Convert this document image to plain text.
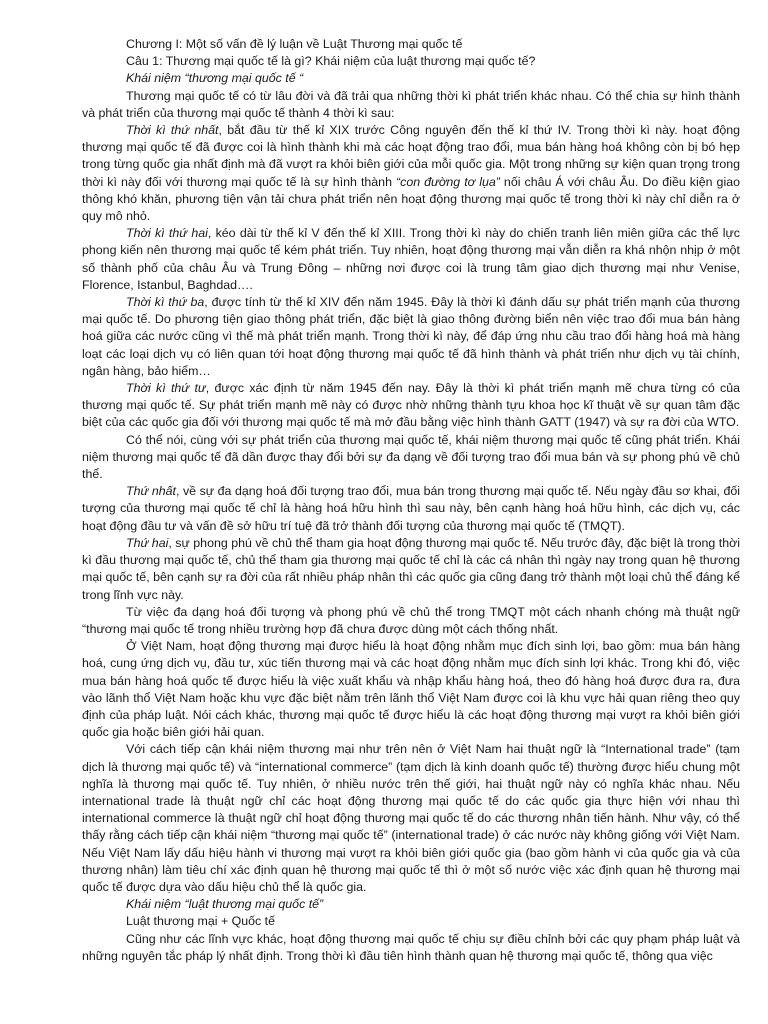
Chương I: Một số vấn đề lý luận về Luật Thương mại quốc tế
Câu 1: Thương mại quốc tế là gì? Khái niệm của luật thương mại quốc tế?
Khái niệm “thương mại quốc tế “

Thương mại quốc tế có từ lâu đời và đã trải qua những thời kì phát triển khác nhau. Có thể chia sự hình thành và phát triển của thương mại quốc tế thành 4 thời kì sau:

Thời kì thứ nhất, bắt đầu từ thế kỉ XIX trước Công nguyên đến thế kỉ thứ IV. Trong thời kì này. hoạt động thương mại quốc tế đã được coi là hình thành khi mà các hoạt động trao đổi, mua bán hàng hoá không còn bị bó hẹp trong từng quốc gia nhất định mà đã vượt ra khỏi biên giới của mỗi quốc gia. Một trong những sự kiện quan trọng trong thời kì này đối với thương mại quốc tế là sự hình thành “con đường tơ lụa” nối châu Á với châu Âu. Do điều kiện giao thông khó khăn, phương tiện vận tải chưa phát triển nên hoạt động thương mại quốc tế trong thời kì này chỉ diễn ra ở quy mô nhỏ.

Thời kì thứ hai, kéo dài từ thế kỉ V đến thế kỉ XIII. Trong thời kì này do chiến tranh liên miên giữa các thế lực phong kiến nên thương mại quốc tế kém phát triển. Tuy nhiên, hoạt động thương mại vẫn diễn ra khá nhộn nhịp ở một số thành phố của châu Âu và Trung Đông – những nơi được coi là trung tâm giao dịch thương mại như Venise, Florence, Istanbul, Baghdad….

Thời kì thứ ba, được tính từ thế kỉ XIV đến năm 1945. Đây là thời kì đánh dấu sự phát triển mạnh của thương mại quốc tế. Do phương tiện giao thông phát triển, đặc biệt là giao thông đường biển nên việc trao đổi mua bán hàng hoá giữa các nước cũng vì thế mà phát triển mạnh. Trong thời kì này, để đáp ứng nhu cầu trao đổi hàng hoá mà hàng loạt các loại dịch vụ có liên quan tới hoạt động thương mại quốc tế đã hình thành và phát triển như dịch vụ tài chính, ngân hàng, bảo hiểm…

Thời kì thứ tư, được xác định từ năm 1945 đến nay. Đây là thời kì phát triển mạnh mẽ chưa từng có của thương mại quốc tế. Sự phát triển mạnh mẽ này có được nhờ những thành tựu khoa học kĩ thuật về sự quan tâm đặc biệt của các quốc gia đối với thương mại quốc tế mà mở đầu bằng việc hình thành GATT (1947) và sự ra đời của WTO.

Có thể nói, cùng với sự phát triển của thương mại quốc tế, khái niệm thương mại quốc tế cũng phát triển. Khái niệm thương mại quốc tế đã dần được thay đổi bởi sự đa dạng về đối tượng trao đổi mua bán và sự phong phú về chủ thể.

Thứ nhất, về sự đa dạng hoá đối tượng trao đổi, mua bán trong thương mại quốc tế. Nếu ngày đầu sơ khai, đối tượng của thương mại quốc tế chỉ là hàng hoá hữu hình thì sau này, bên cạnh hàng hoá hữu hình, các dịch vụ, các hoạt động đầu tư và vấn đề sở hữu trí tuệ đã trở thành đối tượng của thương mại quốc tế (TMQT).

Thứ hai, sự phong phú về chủ thể tham gia hoạt động thương mại quốc tế. Nếu trước đây, đặc biệt là trong thời kì đầu thương mại quốc tế, chủ thể tham gia thương mại quốc tế chỉ là các cá nhân thì ngày nay trong quan hệ thương mại quốc tế, bên cạnh sự ra đời của rất nhiều pháp nhân thì các quốc gia cũng đang trở thành một loại chủ thể đáng kể trong lĩnh vực này.

Từ việc đa dạng hoá đối tượng và phong phú về chủ thể trong TMQT một cách nhanh chóng mà thuật ngữ “thương mại quốc tế trong nhiều trường hợp đã chưa được dùng một cách thống nhất.

Ở Việt Nam, hoạt động thương mại được hiểu là hoạt động nhằm mục đích sinh lợi, bao gồm: mua bán hàng hoá, cung ứng dịch vụ, đầu tư, xúc tiến thương mại và các hoạt động nhằm mục đích sinh lợi khác. Trong khi đó, việc mua bán hàng hoá quốc tế được hiểu là việc xuất khẩu và nhập khẩu hàng hoá, theo đó hàng hoá được đưa ra, đưa vào lãnh thổ Việt Nam hoặc khu vực đặc biệt nằm trên lãnh thổ Việt Nam được coi là khu vực hải quan riêng theo quy định của pháp luật. Nói cách khác, thương mại quốc tế được hiểu là các hoạt động thương mại vượt ra khỏi biên giới quốc gia hoặc biên giới hải quan.

Với cách tiếp cận khái niệm thương mại như trên nên ở Việt Nam hai thuật ngữ là “International trade” (tạm dịch là thương mại quốc tế) và “international commerce” (tạm dịch là kinh doanh quốc tế) thường được hiểu chung một nghĩa là thương mại quốc tế. Tuy nhiên, ở nhiều nước trên thế giới, hai thuật ngữ này có nghĩa khác nhau. Nếu international trade là thuật ngữ chỉ các hoạt động thương mại quốc tế do các quốc gia thực hiện với nhau thì international commerce là thuật ngữ chỉ hoạt động thương mại quốc tế do các thương nhân tiến hành. Như vậy, có thể thấy rằng cách tiếp cận khái niệm “thương mại quốc tế” (international trade) ở các nước này không giống với Việt Nam. Nếu Việt Nam lấy dấu hiệu hành vi thương mại vượt ra khỏi biên giới quốc gia (bao gồm hành vi của quốc gia và của thương nhân) làm tiêu chí xác định quan hệ thương mại quốc tế thì ở một số nước việc xác định quan hệ thương mại quốc tế được dựa vào dấu hiệu chủ thể là quốc gia.

Khái niệm “luật thương mại quốc tế”
Luật thương mại + Quốc tế

Cũng như các lĩnh vực khác, hoạt động thương mại quốc tế chịu sự điều chỉnh bởi các quy phạm pháp luật và những nguyên tắc pháp lý nhất định. Trong thời kì đầu tiên hình thành quan hệ thương mại quốc tế, thông qua việc
